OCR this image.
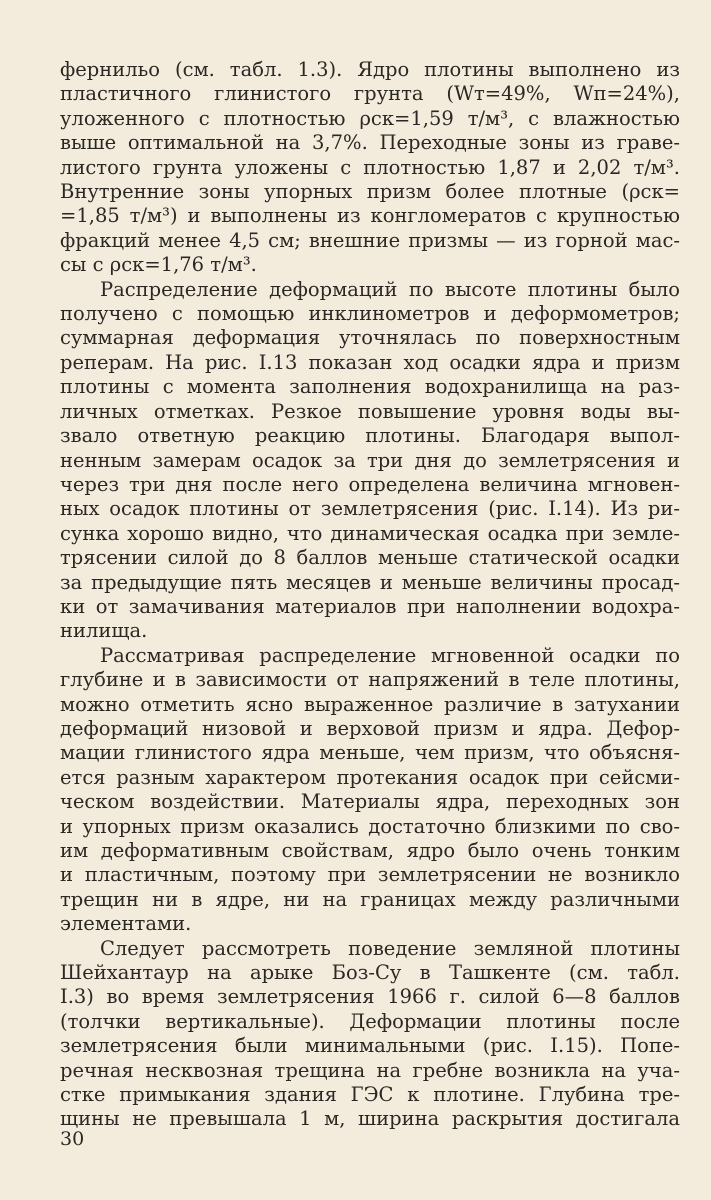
фернильо (см. табл. 1.3). Ядро плотины выполнено из
пластичного глинистого грунта (Wт=49%, Wп=24%),
уложенного с плотностью ρск=1,59 т/м³, с влажностью
выше оптимальной на 3,7%. Переходные зоны из граве-
листого грунта уложены с плотностью 1,87 и 2,02 т/м³.
Внутренние зоны упорных призм более плотные (ρск=
=1,85 т/м³) и выполнены из конгломератов с крупностью
фракций менее 4,5 см; внешние призмы — из горной мас-
сы с ρск=1,76 т/м³.
Распределение деформаций по высоте плотины было
получено с помощью инклинометров и деформометров;
суммарная деформация уточнялась по поверхностным
реперам. На рис. I.13 показан ход осадки ядра и призм
плотины с момента заполнения водохранилища на раз-
личных отметках. Резкое повышение уровня воды вы-
звало ответную реакцию плотины. Благодаря выпол-
ненным замерам осадок за три дня до землетрясения и
через три дня после него определена величина мгновен-
ных осадок плотины от землетрясения (рис. I.14). Из ри-
сунка хорошо видно, что динамическая осадка при земле-
трясении силой до 8 баллов меньше статической осадки
за предыдущие пять месяцев и меньше величины просад-
ки от замачивания материалов при наполнении водохра-
нилища.
Рассматривая распределение мгновенной осадки по
глубине и в зависимости от напряжений в теле плотины,
можно отметить ясно выраженное различие в затухании
деформаций низовой и верховой призм и ядра. Дефор-
мации глинистого ядра меньше, чем призм, что объясня-
ется разным характером протекания осадок при сейсми-
ческом воздействии. Материалы ядра, переходных зон
и упорных призм оказались достаточно близкими по сво-
им деформативным свойствам, ядро было очень тонким
и пластичным, поэтому при землетрясении не возникло
трещин ни в ядре, ни на границах между различными
элементами.
Следует рассмотреть поведение земляной плотины
Шейхантаур на арыке Боз-Су в Ташкенте (см. табл.
I.3) во время землетрясения 1966 г. силой 6—8 баллов
(толчки вертикальные). Деформации плотины после
землетрясения были минимальными (рис. I.15). Попе-
речная несквозная трещина на гребне возникла на уча-
стке примыкания здания ГЭС к плотине. Глубина тре-
щины не превышала 1 м, ширина раскрытия достигала
30
